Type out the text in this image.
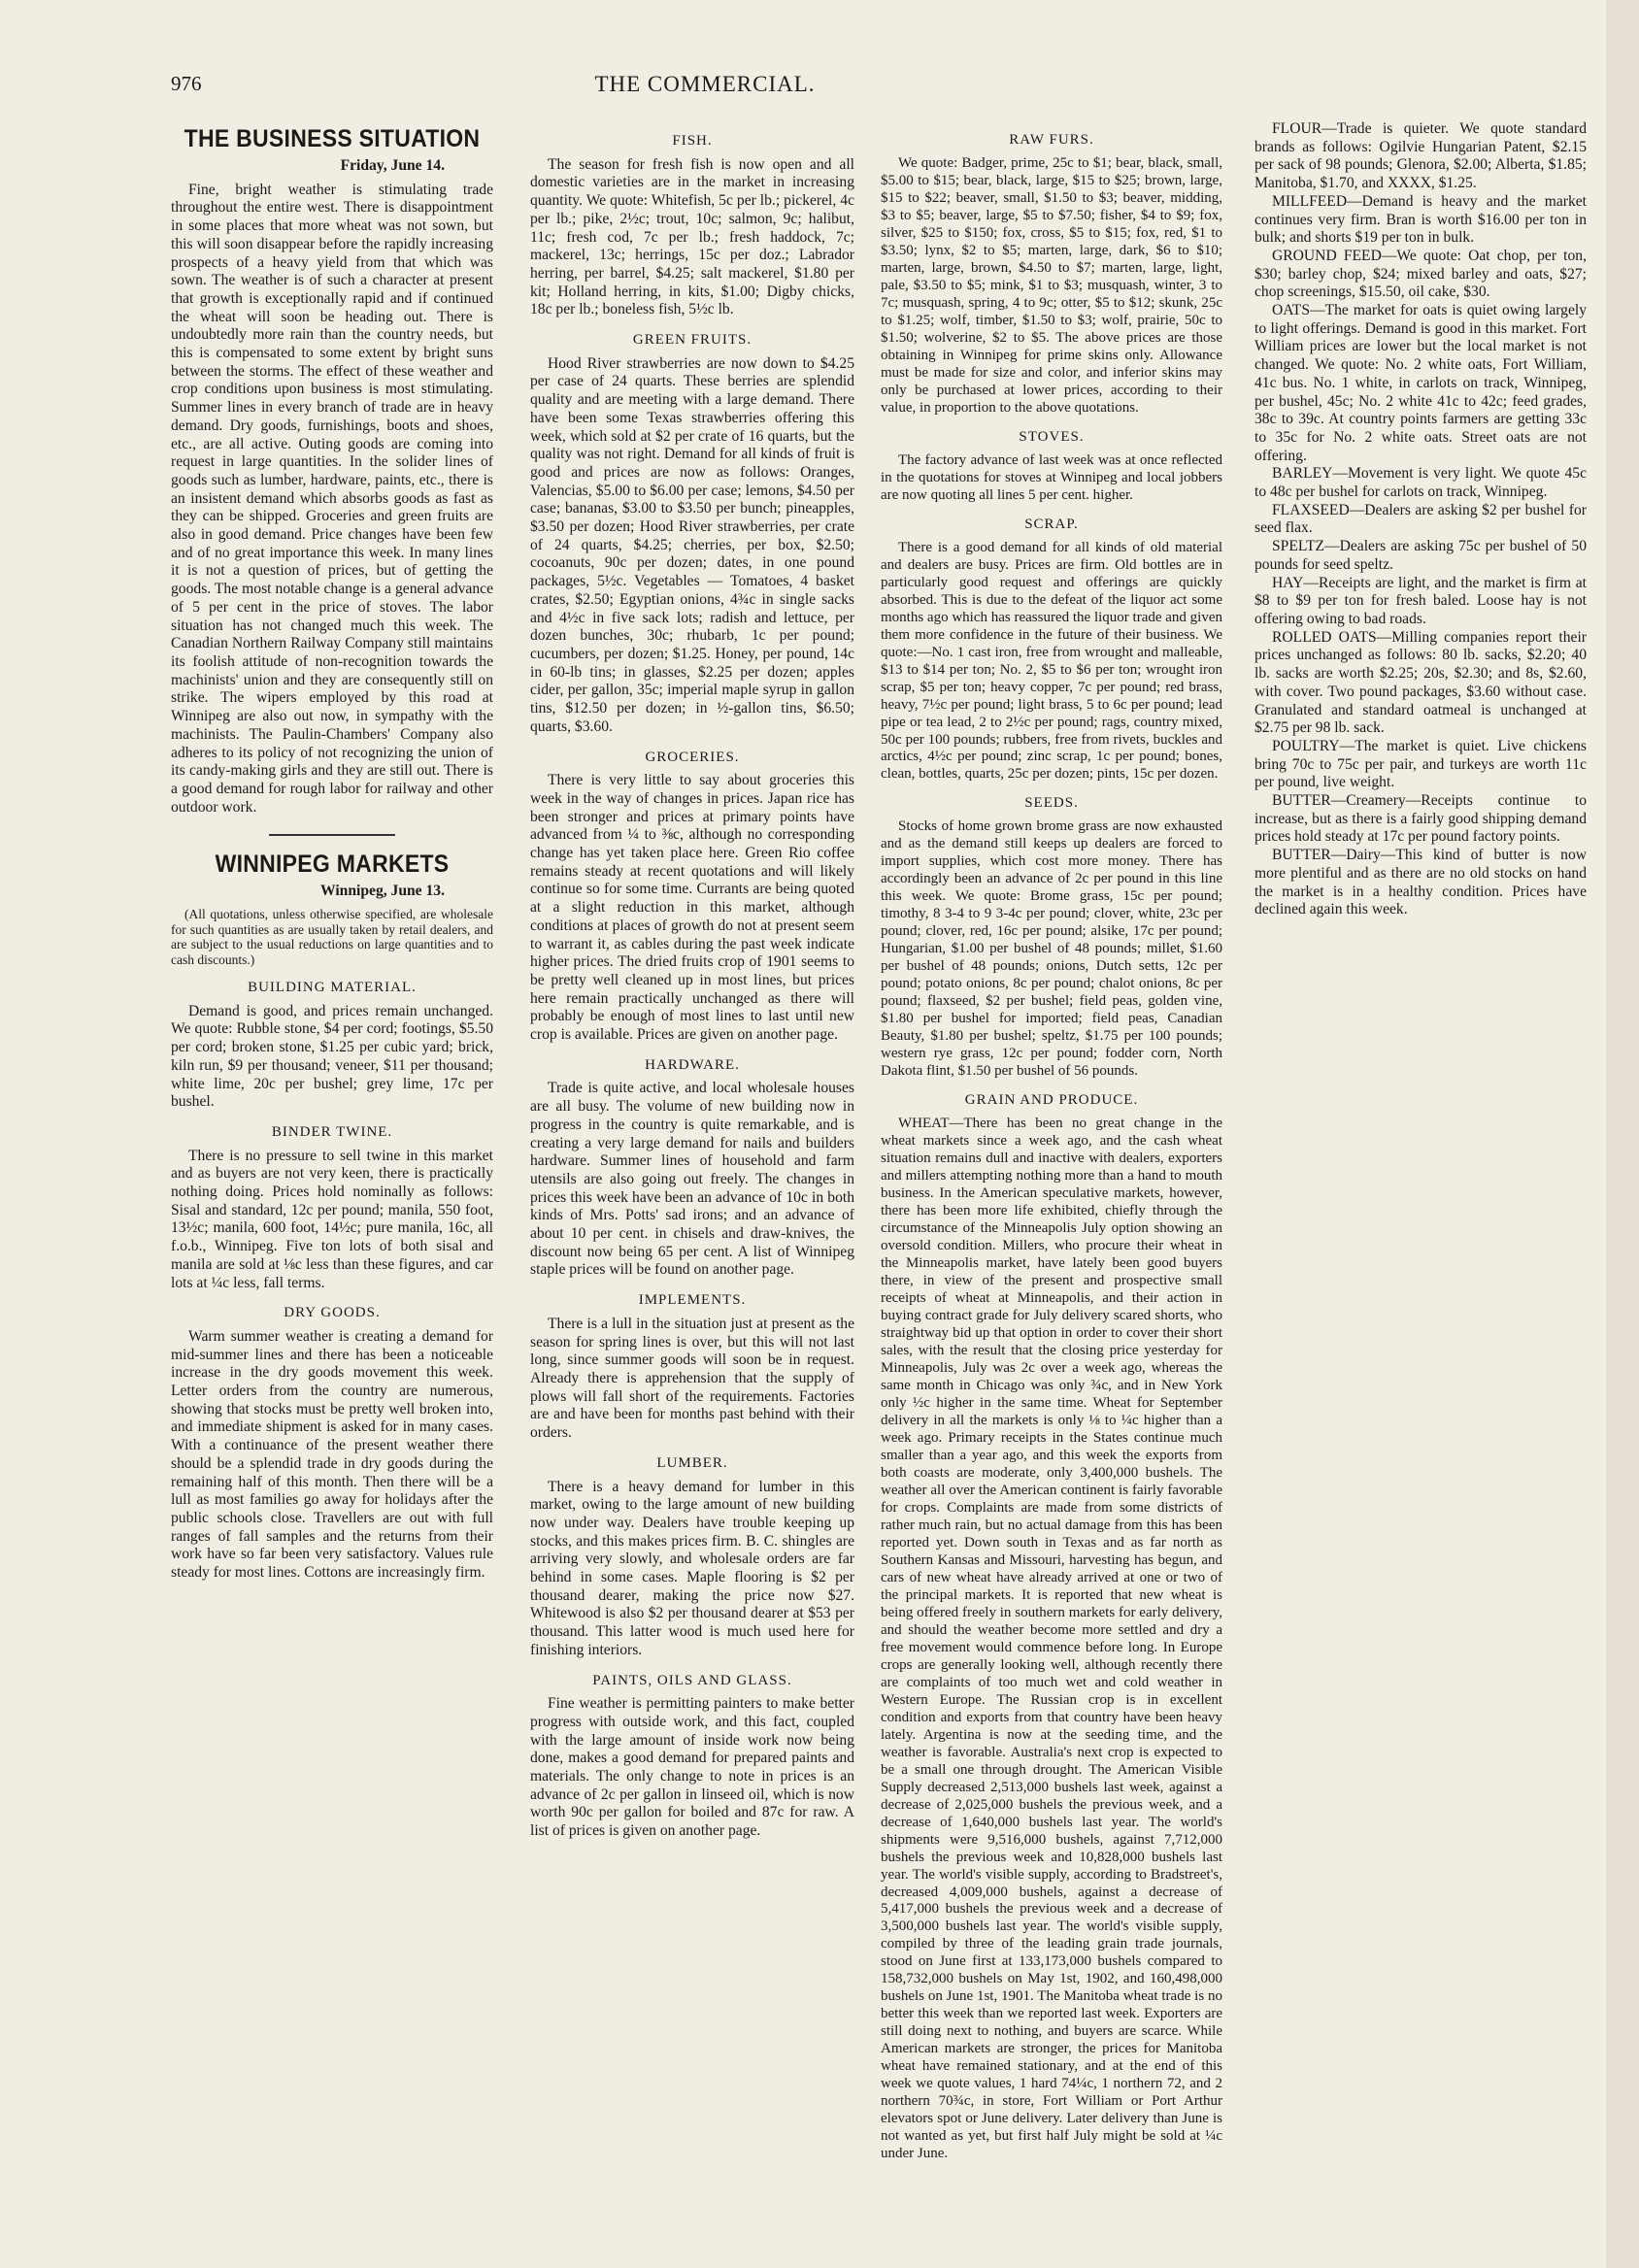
976	THE COMMERCIAL.
THE BUSINESS SITUATION
Friday, June 14.

Fine, bright weather is stimulating trade throughout the entire west. There is disappointment in some places that more wheat was not sown, but this will soon disappear before the rapidly increasing prospects of a heavy yield from that which was sown. The weather is of such a character at present that growth is exceptionally rapid and if continued the wheat will soon be heading out. There is undoubtedly more rain than the country needs, but this is compensated to some extent by bright suns between the storms. The effect of these weather and crop conditions upon business is most stimulating. Summer lines in every branch of trade are in heavy demand. Dry goods, furnishings, boots and shoes, etc., are all active. Outing goods are coming into request in large quantities. In the solider lines of goods such as lumber, hardware, paints, etc., there is an insistent demand which absorbs goods as fast as they can be shipped. Groceries and green fruits are also in good demand. Price changes have been few and of no great importance this week. In many lines it is not a question of prices, but of getting the goods. The most notable change is a general advance of 5 per cent in the price of stoves. The labor situation has not changed much this week. The Canadian Northern Railway Company still maintains its foolish attitude of non-recognition towards the machinists' union and they are consequently still on strike. The wipers employed by this road at Winnipeg are also out now, in sympathy with the machinists. The Paulin-Chambers' Company also adheres to its policy of not recognizing the union of its candy-making girls and they are still out. There is a good demand for rough labor for railway and other outdoor work.

WINNIPEG MARKETS
Winnipeg, June 13.

(All quotations, unless otherwise specified, are wholesale for such quantities as are usually taken by retail dealers, and are subject to the usual reductions on large quantities and to cash discounts.)

BUILDING MATERIAL.

Demand is good, and prices remain unchanged. We quote: Rubble stone, $4 per cord; footings, $5.50 per cord; broken stone, $1.25 per cubic yard; brick, kiln run, $9 per thousand; veneer, $11 per thousand; white lime, 20c per bushel; grey lime, 17c per bushel.

BINDER TWINE.

There is no pressure to sell twine in this market and as buyers are not very keen, there is practically nothing doing. Prices hold nominally as follows: Sisal and standard, 12c per pound; manila, 550 foot, 13½c; manila, 600 foot, 14½c; pure manila, 16c, all f.o.b., Winnipeg. Five ton lots of both sisal and manila are sold at ⅛c less than these figures, and car lots at ¼c less, fall terms.

DRY GOODS.

Warm summer weather is creating a demand for mid-summer lines and there has been a noticeable increase in the dry goods movement this week. Letter orders from the country are numerous, showing that stocks must be pretty well broken into, and immediate shipment is asked for in many cases. With a continuance of the present weather there should be a splendid trade in dry goods during the remaining half of this month. Then there will be a lull as most families go away for holidays after the public schools close. Travellers are out with full ranges of fall samples and the returns from their work have so far been very satisfactory. Values rule steady for most lines. Cottons are increasingly firm.

FISH.

The season for fresh fish is now open and all domestic varieties are in the market in increasing quantity. We quote: Whitefish, 5c per lb.; pickerel, 4c per lb.; pike, 2½c; trout, 10c; salmon, 9c; halibut, 11c; fresh cod, 7c per lb.; fresh haddock, 7c; mackerel, 13c; herrings, 15c per doz.; Labrador herring, per barrel, $4.25; salt mackerel, $1.80 per kit; Holland herring, in kits, $1.00; Digby chicks, 18c per lb.; boneless fish, 5½c lb.

GREEN FRUITS.

Hood River strawberries are now down to $4.25 per case of 24 quarts. These berries are splendid quality and are meeting with a large demand. There have been some Texas strawberries offering this week, which sold at $2 per crate of 16 quarts, but the quality was not right. Demand for all kinds of fruit is good and prices are now as follows: Oranges, Valencias, $5.00 to $6.00 per case; lemons, $4.50 per case; bananas, $3.00 to $3.50 per bunch; pineapples, $3.50 per dozen; Hood River strawberries, per crate of 24 quarts, $4.25; cherries, per box, $2.50; cocoanuts, 90c per dozen; dates, in one pound packages, 5½c. Vegetables — Tomatoes, 4 basket crates, $2.50; Egyptian onions, 4¾c in single sacks and 4½c in five sack lots; radish and lettuce, per dozen bunches, 30c; rhubarb, 1c per pound; cucumbers, per dozen; $1.25. Honey, per pound, 14c in 60-lb tins; in glasses, $2.25 per dozen; apples cider, per gallon, 35c; imperial maple syrup in gallon tins, $12.50 per dozen; in ½-gallon tins, $6.50; quarts, $3.60.

GROCERIES.

There is very little to say about groceries this week in the way of changes in prices. Japan rice has been stronger and prices at primary points have advanced from ¼ to ⅜c, although no corresponding change has yet taken place here. Green Rio coffee remains steady at recent quotations and will likely continue so for some time. Currants are being quoted at a slight reduction in this market, although conditions at places of growth do not at present seem to warrant it, as cables during the past week indicate higher prices. The dried fruits crop of 1901 seems to be pretty well cleaned up in most lines, but prices here remain practically unchanged as there will probably be enough of most lines to last until new crop is available. Prices are given on another page.

HARDWARE.

Trade is quite active, and local wholesale houses are all busy. The volume of new building now in progress in the country is quite remarkable, and is creating a very large demand for nails and builders hardware. Summer lines of household and farm utensils are also going out freely. The changes in prices this week have been an advance of 10c in both kinds of Mrs. Potts' sad irons; and an advance of about 10 per cent. in chisels and draw-knives, the discount now being 65 per cent. A list of Winnipeg staple prices will be found on another page.

IMPLEMENTS.

There is a lull in the situation just at present as the season for spring lines is over, but this will not last long, since summer goods will soon be in request. Already there is apprehension that the supply of plows will fall short of the requirements. Factories are and have been for months past behind with their orders.

LUMBER.

There is a heavy demand for lumber in this market, owing to the large amount of new building now under way. Dealers have trouble keeping up stocks, and this makes prices firm. B. C. shingles are arriving very slowly, and wholesale orders are far behind in some cases. Maple flooring is $2 per thousand dearer, making the price now $27. Whitewood is also $2 per thousand dearer at $53 per thousand. This latter wood is much used here for finishing interiors.

PAINTS, OILS AND GLASS.

Fine weather is permitting painters to make better progress with outside work, and this fact, coupled with the large amount of inside work now being done, makes a good demand for prepared paints and materials. The only change to note in prices is an advance of 2c per gallon in linseed oil, which is now worth 90c per gallon for boiled and 87c for raw. A list of prices is given on another page.

RAW FURS.

We quote: Badger, prime, 25c to $1; bear, black, small, $5.00 to $15; bear, black, large, $15 to $25; brown, large, $15 to $22; beaver, small, $1.50 to $3; beaver, midding, $3 to $5; beaver, large, $5 to $7.50; fisher, $4 to $9; fox, silver, $25 to $150; fox, cross, $5 to $15; fox, red, $1 to $3.50; lynx, $2 to $5; marten, large, dark, $6 to $10; marten, large, brown, $4.50 to $7; marten, large, light, pale, $3.50 to $5; mink, $1 to $3; musquash, winter, 3 to 7c; musquash, spring, 4 to 9c; otter, $5 to $12; skunk, 25c to $1.25; wolf, timber, $1.50 to $3; wolf, prairie, 50c to $1.50; wolverine, $2 to $5. The above prices are those obtaining in Winnipeg for prime skins only. Allowance must be made for size and color, and inferior skins may only be purchased at lower prices, according to their value, in proportion to the above quotations.

STOVES.

The factory advance of last week was at once reflected in the quotations for stoves at Winnipeg and local jobbers are now quoting all lines 5 per cent. higher.

SCRAP.

There is a good demand for all kinds of old material and dealers are busy. Prices are firm. Old bottles are in particularly good request and offerings are quickly absorbed. This is due to the defeat of the liquor act some months ago which has reassured the liquor trade and given them more confidence in the future of their business. We quote:—No. 1 cast iron, free from wrought and malleable, $13 to $14 per ton; No. 2, $5 to $6 per ton; wrought iron scrap, $5 per ton; heavy copper, 7c per pound; red brass, heavy, 7½c per pound; light brass, 5 to 6c per pound; lead pipe or tea lead, 2 to 2½c per pound; rags, country mixed, 50c per 100 pounds; rubbers, free from rivets, buckles and arctics, 4½c per pound; zinc scrap, 1c per pound; bones, clean, bottles, quarts, 25c per dozen; pints, 15c per dozen.

SEEDS.

Stocks of home grown brome grass are now exhausted and as the demand still keeps up dealers are forced to import supplies, which cost more money. There has accordingly been an advance of 2c per pound in this line this week. We quote: Brome grass, 15c per pound; timothy, 8 3-4 to 9 3-4c per pound; clover, white, 23c per pound; clover, red, 16c per pound; alsike, 17c per pound; Hungarian, $1.00 per bushel of 48 pounds; millet, $1.60 per bushel of 48 pounds; onions, Dutch setts, 12c per pound; potato onions, 8c per pound; chalot onions, 8c per pound; flaxseed, $2 per bushel; field peas, golden vine, $1.80 per bushel for imported; field peas, Canadian Beauty, $1.80 per bushel; speltz, $1.75 per 100 pounds; western rye grass, 12c per pound; fodder corn, North Dakota flint, $1.50 per bushel of 56 pounds.

GRAIN AND PRODUCE.

WHEAT—There has been no great change in the wheat markets since a week ago, and the cash wheat situation remains dull and inactive with dealers, exporters and millers attempting nothing more than a hand to mouth business. In the American speculative markets, however, there has been more life exhibited, chiefly through the circumstance of the Minneapolis July option showing an oversold condition. Millers, who procure their wheat in the Minneapolis market, have lately been good buyers there, in view of the present and prospective small receipts of wheat at Minneapolis, and their action in buying contract grade for July delivery scared shorts, who straightway bid up that option in order to cover their short sales, with the result that the closing price yesterday for Minneapolis, July was 2c over a week ago, whereas the same month in Chicago was only ¾c, and in New York only ½c higher in the same time. Wheat for September delivery in all the markets is only ⅛ to ¼c higher than a week ago. Primary receipts in the States continue much smaller than a year ago, and this week the exports from both coasts are moderate, only 3,400,000 bushels. The weather all over the American continent is fairly favorable for crops. Complaints are made from some districts of rather much rain, but no actual damage from this has been reported yet. Down south in Texas and as far north as Southern Kansas and Missouri, harvesting has begun, and cars of new wheat have already arrived at one or two of the principal markets. It is reported that new wheat is being offered freely in southern markets for early delivery, and should the weather become more settled and dry a free movement would commence before long. In Europe crops are generally looking well, although recently there are complaints of too much wet and cold weather in Western Europe. The Russian crop is in excellent condition and exports from that country have been heavy lately. Argentina is now at the seeding time, and the weather is favorable. Australia's next crop is expected to be a small one through drought. The American Visible Supply decreased 2,513,000 bushels last week, against a decrease of 2,025,000 bushels the previous week, and a decrease of 1,640,000 bushels last year. The world's shipments were 9,516,000 bushels, against 7,712,000 bushels the previous week and 10,828,000 bushels last year. The world's visible supply, according to Bradstreet's, decreased 4,009,000 bushels, against a decrease of 5,417,000 bushels the previous week and a decrease of 3,500,000 bushels last year. The world's visible supply, compiled by three of the leading grain trade journals, stood on June first at 133,173,000 bushels compared to 158,732,000 bushels on May 1st, 1902, and 160,498,000 bushels on June 1st, 1901. The Manitoba wheat trade is no better this week than we reported last week. Exporters are still doing next to nothing, and buyers are scarce. While American markets are stronger, the prices for Manitoba wheat have remained stationary, and at the end of this week we quote values, 1 hard 74¼c, 1 northern 72, and 2 northern 70¾c, in store, Fort William or Port Arthur elevators spot or June delivery. Later delivery than June is not wanted as yet, but first half July might be sold at ¼c under June.

FLOUR—Trade is quieter. We quote standard brands as follows: Ogilvie Hungarian Patent, $2.15 per sack of 98 pounds; Glenora, $2.00; Alberta, $1.85; Manitoba, $1.70, and XXXX, $1.25.

MILLFEED—Demand is heavy and the market continues very firm. Bran is worth $16.00 per ton in bulk; and shorts $19 per ton in bulk.

GROUND FEED—We quote: Oat chop, per ton, $30; barley chop, $24; mixed barley and oats, $27; chop screenings, $15.50, oil cake, $30.

OATS—The market for oats is quiet owing largely to light offerings. Demand is good in this market. Fort William prices are lower but the local market is not changed. We quote: No. 2 white oats, Fort William, 41c bus. No. 1 white, in carlots on track, Winnipeg, per bushel, 45c; No. 2 white 41c to 42c; feed grades, 38c to 39c. At country points farmers are getting 33c to 35c for No. 2 white oats. Street oats are not offering.

BARLEY—Movement is very light. We quote 45c to 48c per bushel for carlots on track, Winnipeg.

FLAXSEED—Dealers are asking $2 per bushel for seed flax.

SPELTZ—Dealers are asking 75c per bushel of 50 pounds for seed speltz.

HAY—Receipts are light, and the market is firm at $8 to $9 per ton for fresh baled. Loose hay is not offering owing to bad roads.

ROLLED OATS—Milling companies report their prices unchanged as follows: 80 lb. sacks, $2.20; 40 lb. sacks are worth $2.25; 20s, $2.30; and 8s, $2.60, with cover. Two pound packages, $3.60 without case. Granulated and standard oatmeal is unchanged at $2.75 per 98 lb. sack.

POULTRY—The market is quiet. Live chickens bring 70c to 75c per pair, and turkeys are worth 11c per pound, live weight.

BUTTER—Creamery—Receipts continue to increase, but as there is a fairly good shipping demand prices hold steady at 17c per pound factory points.

BUTTER—Dairy—This kind of butter is now more plentiful and as there are no old stocks on hand the market is in a healthy condition. Prices have declined again this week.
